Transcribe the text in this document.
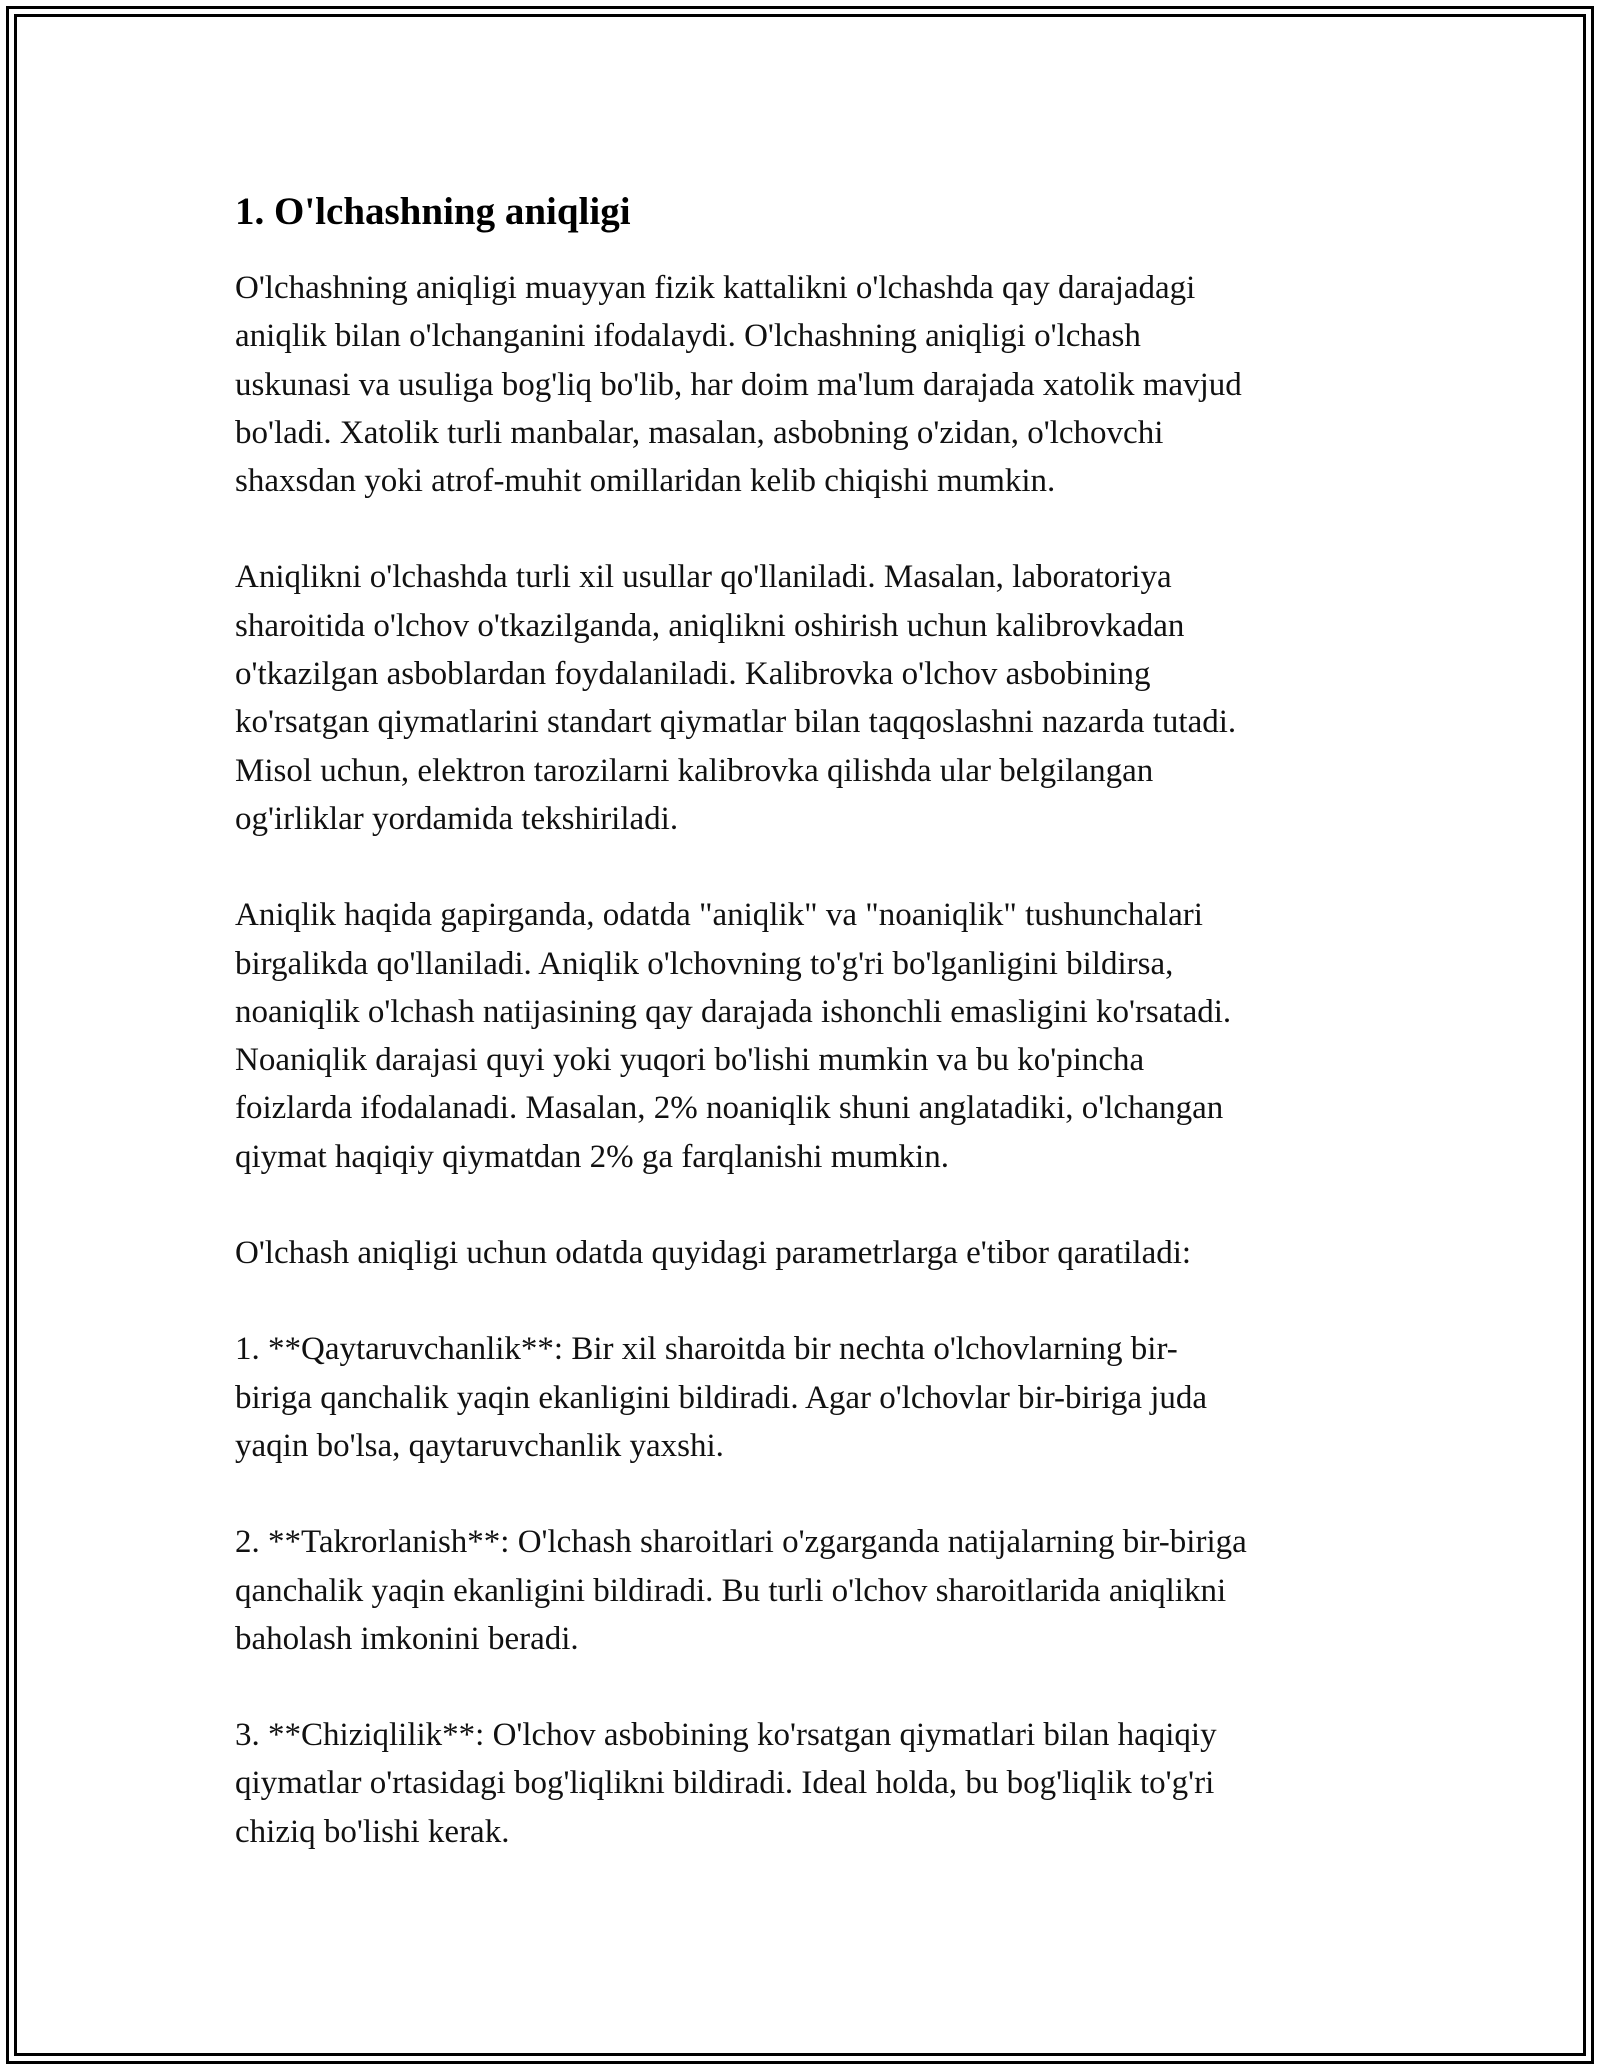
1. O'lchashning aniqligi

O'lchashning aniqligi muayyan fizik kattalikni o'lchashda qay darajadagi
aniqlik bilan o'lchanganini ifodalaydi. O'lchashning aniqligi o'lchash
uskunasi va usuliga bog'liq bo'lib, har doim ma'lum darajada xatolik mavjud
bo'ladi. Xatolik turli manbalar, masalan, asbobning o'zidan, o'lchovchi
shaxsdan yoki atrof-muhit omillaridan kelib chiqishi mumkin.

Aniqlikni o'lchashda turli xil usullar qo'llaniladi. Masalan, laboratoriya
sharoitida o'lchov o'tkazilganda, aniqlikni oshirish uchun kalibrovkadan
o'tkazilgan asboblardan foydalaniladi. Kalibrovka o'lchov asbobining
ko'rsatgan qiymatlarini standart qiymatlar bilan taqqoslashni nazarda tutadi.
Misol uchun, elektron tarozilarni kalibrovka qilishda ular belgilangan
og'irliklar yordamida tekshiriladi.

Aniqlik haqida gapirganda, odatda "aniqlik" va "noaniqlik" tushunchalari
birgalikda qo'llaniladi. Aniqlik o'lchovning to'g'ri bo'lganligini bildirsa,
noaniqlik o'lchash natijasining qay darajada ishonchli emasligini ko'rsatadi.
Noaniqlik darajasi quyi yoki yuqori bo'lishi mumkin va bu ko'pincha
foizlarda ifodalanadi. Masalan, 2% noaniqlik shuni anglatadiki, o'lchangan
qiymat haqiqiy qiymatdan 2% ga farqlanishi mumkin.

O'lchash aniqligi uchun odatda quyidagi parametrlarga e'tibor qaratiladi:

1. **Qaytaruvchanlik**: Bir xil sharoitda bir nechta o'lchovlarning bir-
biriga qanchalik yaqin ekanligini bildiradi. Agar o'lchovlar bir-biriga juda
yaqin bo'lsa, qaytaruvchanlik yaxshi.

2. **Takrorlanish**: O'lchash sharoitlari o'zgarganda natijalarning bir-biriga
qanchalik yaqin ekanligini bildiradi. Bu turli o'lchov sharoitlarida aniqlikni
baholash imkonini beradi.

3. **Chiziqlilik**: O'lchov asbobining ko'rsatgan qiymatlari bilan haqiqiy
qiymatlar o'rtasidagi bog'liqlikni bildiradi. Ideal holda, bu bog'liqlik to'g'ri
chiziq bo'lishi kerak.
